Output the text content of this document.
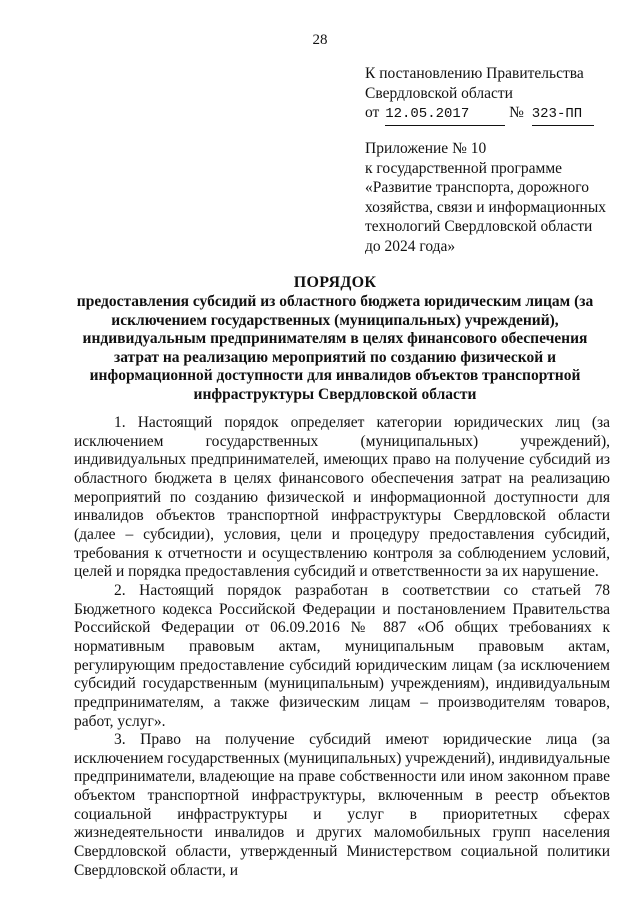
28
К постановлению Правительства
Свердловской области
от 12.05.2017	№ 323-ПП
Приложение № 10
к государственной программе
«Развитие транспорта, дорожного
хозяйства, связи и информационных
технологий Свердловской области
до 2024 года»
ПОРЯДОК
предоставления субсидий из областного бюджета юридическим лицам (за исключением государственных (муниципальных) учреждений), индивидуальным предпринимателям в целях финансового обеспечения затрат на реализацию мероприятий по созданию физической и информационной доступности для инвалидов объектов транспортной инфраструктуры Свердловской области

1. Настоящий порядок определяет категории юридических лиц (за исключением государственных (муниципальных) учреждений), индивидуальных предпринимателей, имеющих право на получение субсидий из областного бюджета в целях финансового обеспечения затрат на реализацию мероприятий по созданию физической и информационной доступности для инвалидов объектов транспортной инфраструктуры Свердловской области (далее – субсидии), условия, цели и процедуру предоставления субсидий, требования к отчетности и осуществлению контроля за соблюдением условий, целей и порядка предоставления субсидий и ответственности за их нарушение.

2. Настоящий порядок разработан в соответствии со статьей 78 Бюджетного кодекса Российской Федерации и постановлением Правительства Российской Федерации от 06.09.2016 № 887 «Об общих требованиях к нормативным правовым актам, муниципальным правовым актам, регулирующим предоставление субсидий юридическим лицам (за исключением субсидий государственным (муниципальным) учреждениям), индивидуальным предпринимателям, а также физическим лицам – производителям товаров, работ, услуг».

3. Право на получение субсидий имеют юридические лица (за исключением государственных (муниципальных) учреждений), индивидуальные предприниматели, владеющие на праве собственности или ином законном праве объектом транспортной инфраструктуры, включенным в реестр объектов социальной инфраструктуры и услуг в приоритетных сферах жизнедеятельности инвалидов и других маломобильных групп населения Свердловской области, утвержденный Министерством социальной политики Свердловской области, и
